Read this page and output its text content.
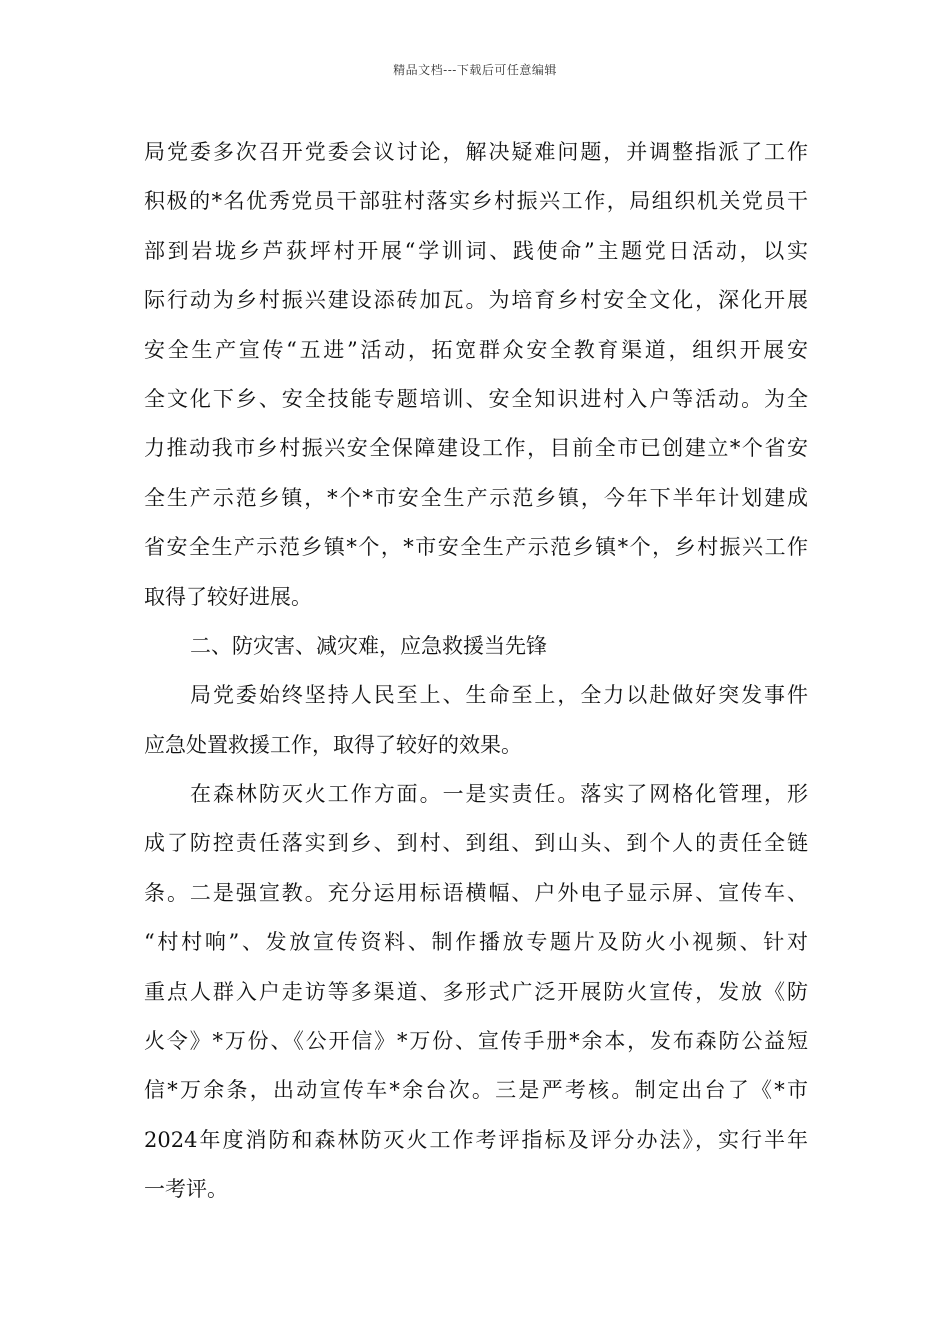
精品文档---下载后可任意编辑
局党委多次召开党委会议讨论，解决疑难问题，并调整指派了工作
积极的*名优秀党员干部驻村落实乡村振兴工作，局组织机关党员干
部到岩垅乡芦荻坪村开展“学训词、践使命”主题党日活动，以实
际行动为乡村振兴建设添砖加瓦。为培育乡村安全文化，深化开展
安全生产宣传“五进”活动，拓宽群众安全教育渠道，组织开展安
全文化下乡、安全技能专题培训、安全知识进村入户等活动。为全
力推动我市乡村振兴安全保障建设工作，目前全市已创建立*个省安
全生产示范乡镇，*个*市安全生产示范乡镇，今年下半年计划建成
省安全生产示范乡镇*个，*市安全生产示范乡镇*个，乡村振兴工作
取得了较好进展。
二、防灾害、减灾难，应急救援当先锋
局党委始终坚持人民至上、生命至上，全力以赴做好突发事件
应急处置救援工作，取得了较好的效果。
在森林防灭火工作方面。一是实责任。落实了网格化管理，形
成了防控责任落实到乡、到村、到组、到山头、到个人的责任全链
条。二是强宣教。充分运用标语横幅、户外电子显示屏、宣传车、
“村村响”、发放宣传资料、制作播放专题片及防火小视频、针对
重点人群入户走访等多渠道、多形式广泛开展防火宣传，发放《防
火令》*万份、《公开信》*万份、宣传手册*余本，发布森防公益短
信*万余条，出动宣传车*余台次。三是严考核。制定出台了《*市
2024年度消防和森林防灭火工作考评指标及评分办法》，实行半年
一考评。
